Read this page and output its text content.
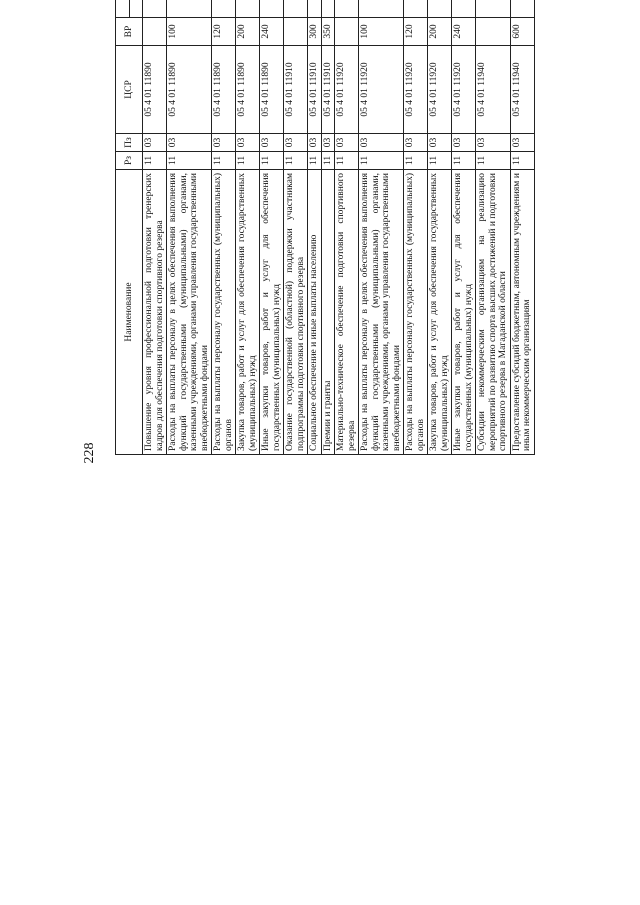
228
Наименование	Рз	Пз	ЦСР	ВР	

Повышение уровня профессиональной подготовки тренерских кадров для обеспечения подготовки спортивного резерва	11	03	05 4 01 11890				
Расходы на выплаты персоналу в целях обеспечения выполнения функций государственными (муниципальными) органами, казенными учреждениями, органами управления государственными внебюджетными фондами	11	03	05 4 01 11890	100			
Расходы на выплаты персоналу государственных (муниципальных) органов	11	03	05 4 01 11890	120			
Закупка товаров, работ и услуг для обеспечения государственных (муниципальных) нужд	11	03	05 4 01 11890	200			
Иные закупки товаров, работ и услуг для обеспечения государственных (муниципальных) нужд	11	03	05 4 01 11890	240			
Оказание государственной (областной) поддержки участникам подпрограммы подготовки спортивного резерва	11	03	05 4 01 11910				
Социальное обеспечение и иные выплаты населению	11	03	05 4 01 11910	300			
Премии и гранты	11	03	05 4 01 11910	350			
Материально-техническое обеспечение подготовки спортивного резерва	11	03	05 4 01 11920				
Расходы на выплаты персоналу в целях обеспечения выполнения функций государственными (муниципальными) органами, казенными учреждениями, органами управления государственными внебюджетными фондами	11	03	05 4 01 11920	100			
Расходы на выплаты персоналу государственных (муниципальных) органов	11	03	05 4 01 11920	120			
Закупка товаров, работ и услуг для обеспечения государственных (муниципальных) нужд	11	03	05 4 01 11920	200			
Иные закупки товаров, работ и услуг для обеспечения государственных (муниципальных) нужд	11	03	05 4 01 11920	240			
Субсидии некоммерческим организациям на реализацию мероприятий по развитию спорта высших достижений и подготовки спортивного резерва в Магаданской области	11	03	05 4 01 11940				
Предоставление субсидий бюджетным, автономным учреждениям и иным некоммерческим организациям	11	03	05 4 01 11940	600			
